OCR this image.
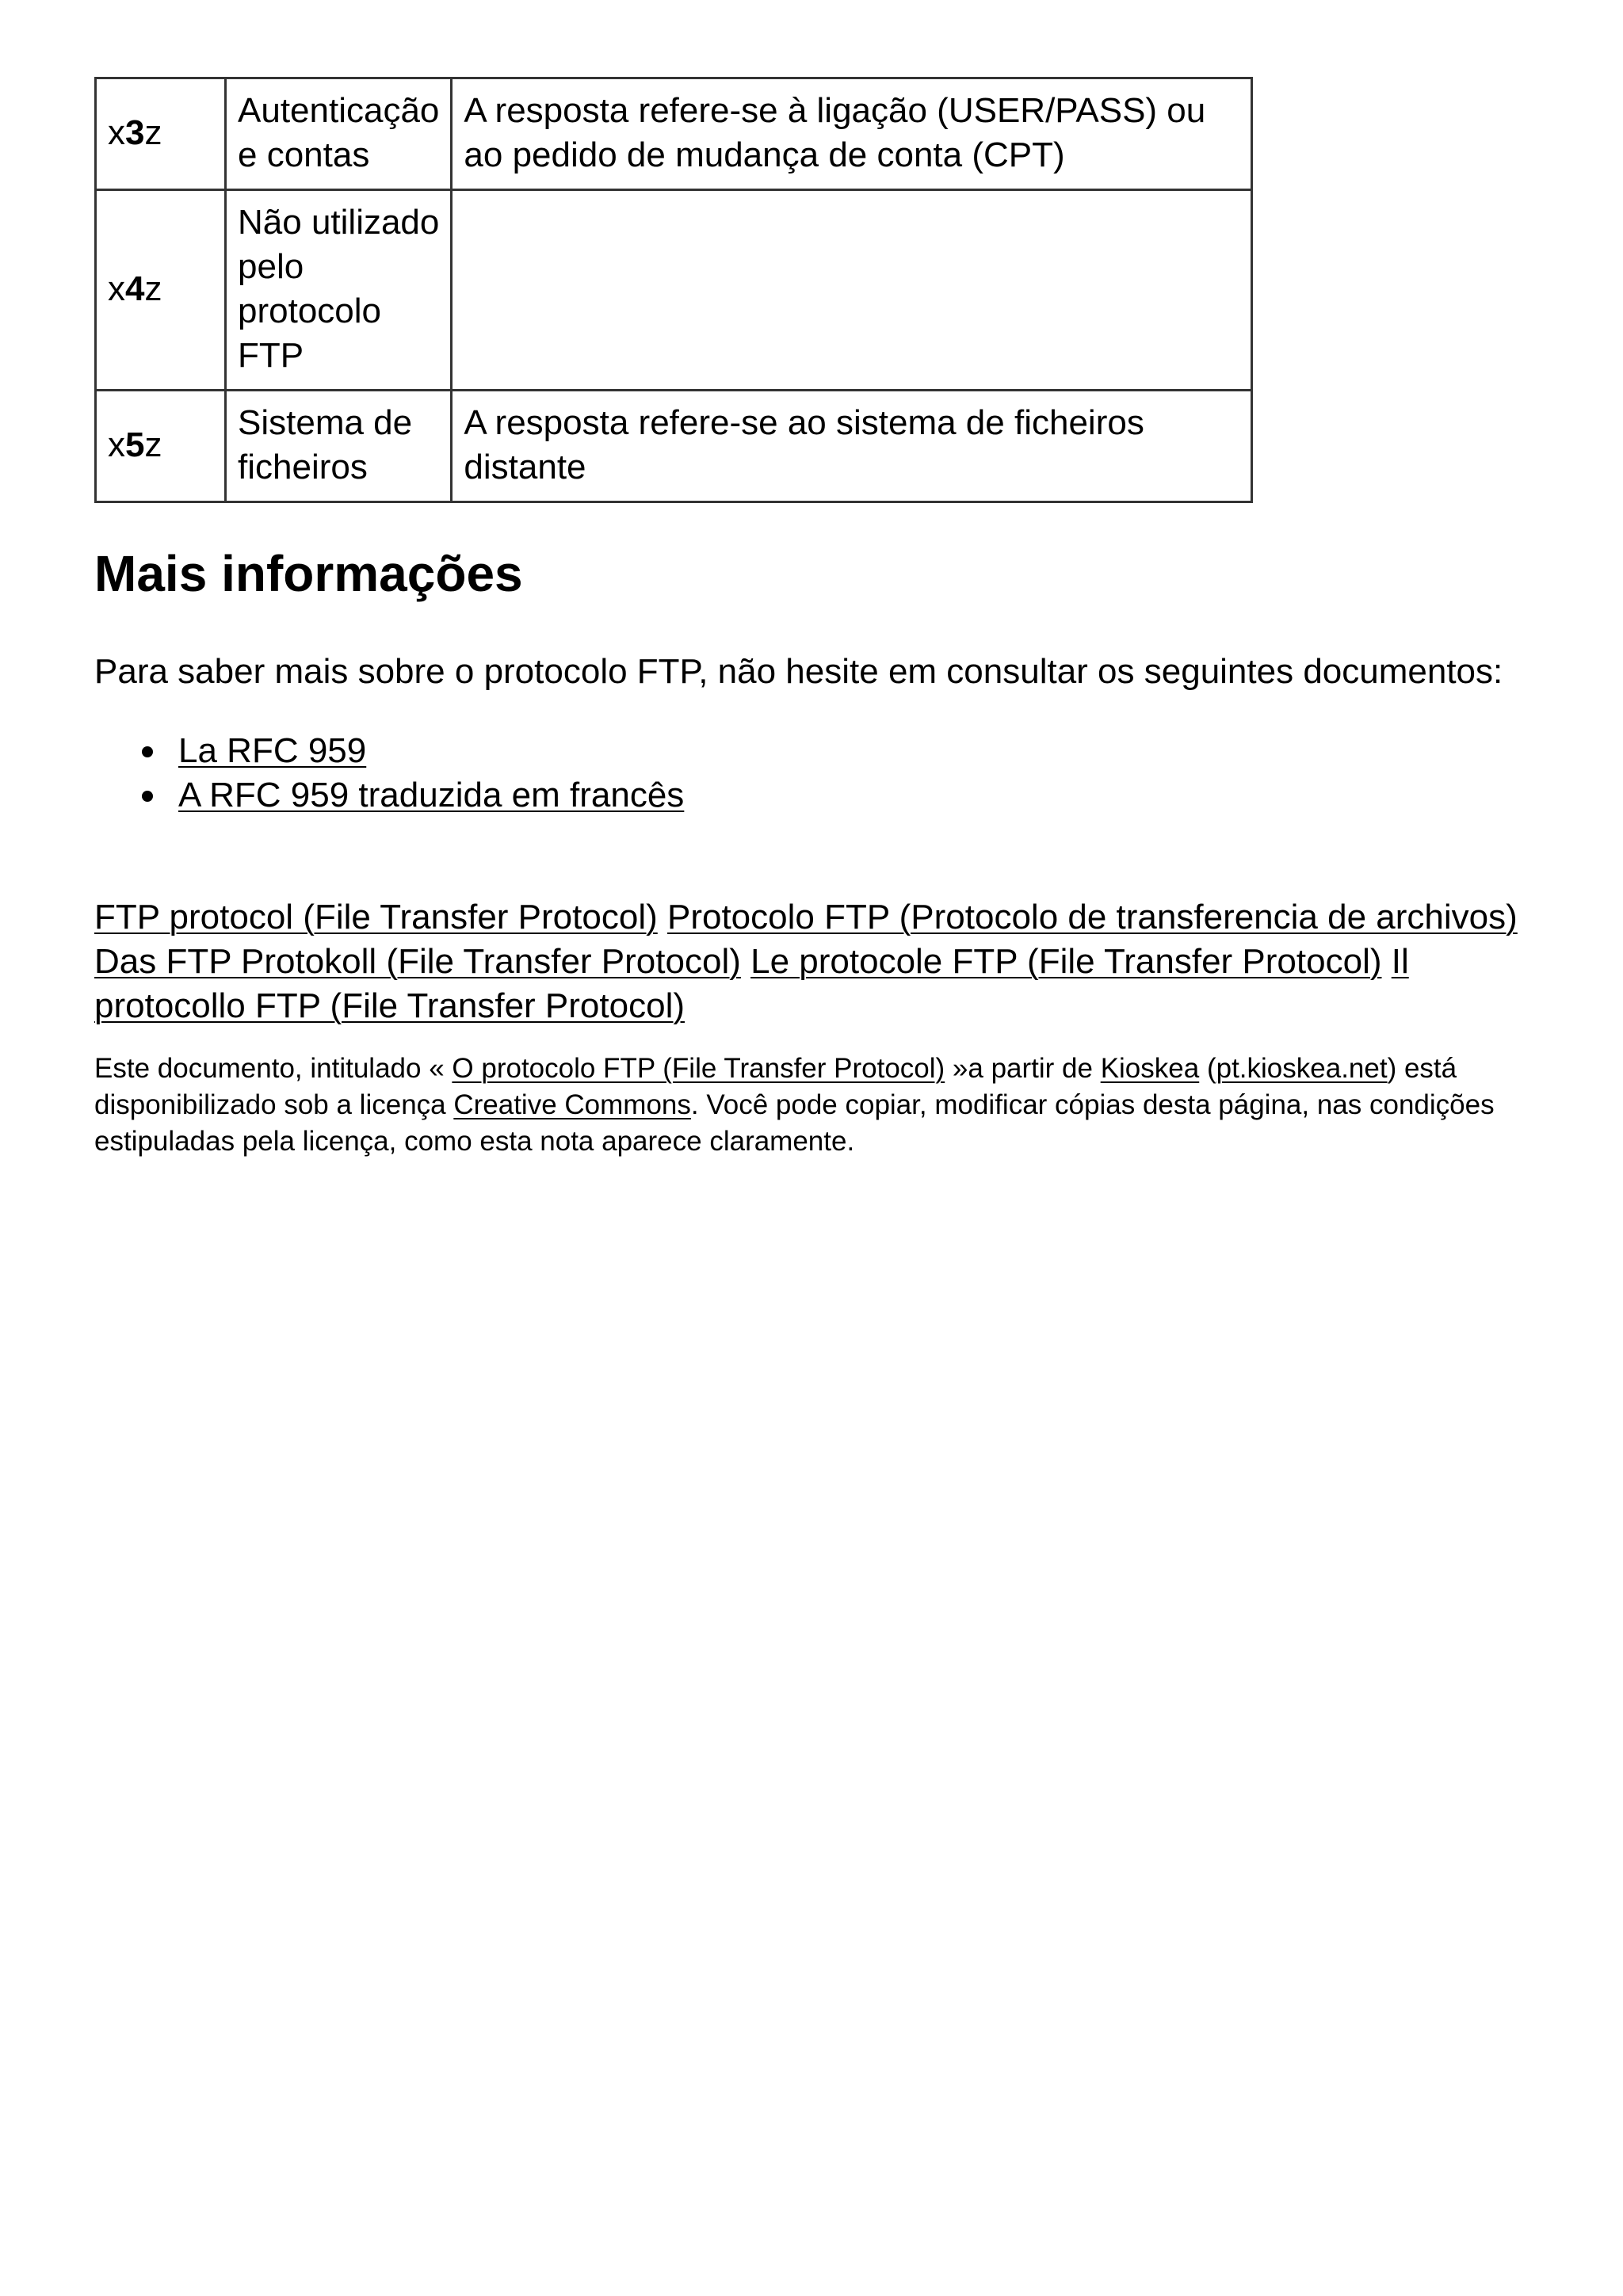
x3z	Autenticação e contas	A resposta refere-se à ligação (USER/PASS) ou ao pedido de mudança de conta (CPT)
x4z	Não utilizado pelo protocolo FTP	
x5z	Sistema de ficheiros	A resposta refere-se ao sistema de ficheiros distante
Mais informações

Para saber mais sobre o protocolo FTP, não hesite em consultar os seguintes documentos:

La RFC 959
A RFC 959 traduzida em francês

FTP protocol (File Transfer Protocol) Protocolo FTP (Protocolo de transferencia de archivos) Das FTP Protokoll (File Transfer Protocol) Le protocole FTP (File Transfer Protocol) Il protocollo FTP (File Transfer Protocol)

Este documento, intitulado « O protocolo FTP (File Transfer Protocol) »a partir de Kioskea (pt.kioskea.net) está disponibilizado sob a licença Creative Commons. Você pode copiar, modificar cópias desta página, nas condições estipuladas pela licença, como esta nota aparece claramente.
